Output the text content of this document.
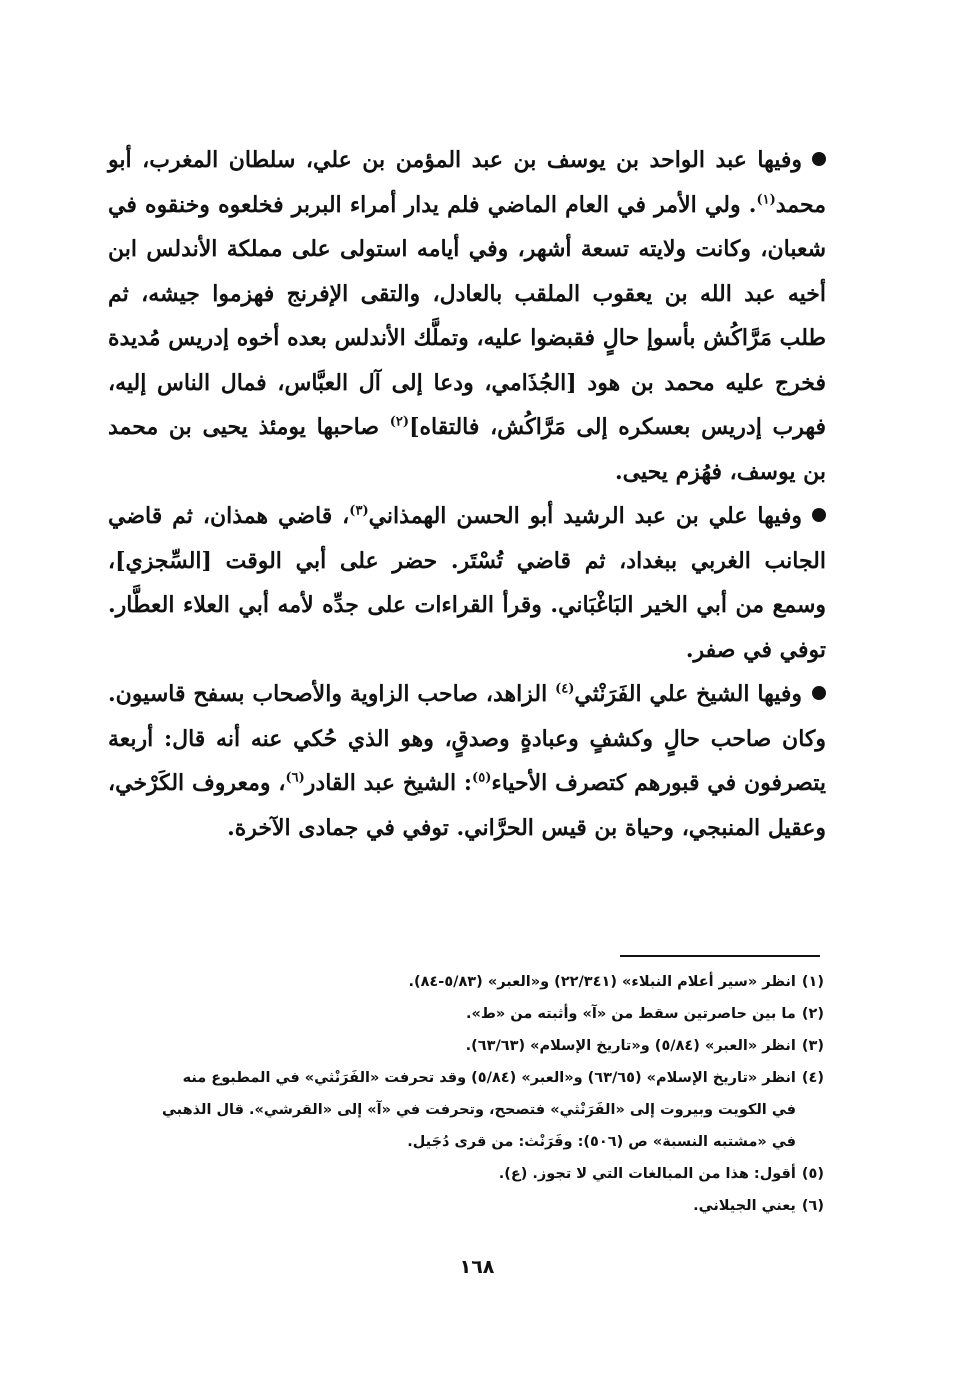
وفيها عبد الواحد بن يوسف بن عبد المؤمن بن علي، سلطان المغرب، أبو محمد$^{(١)}$. ولي الأمر في العام الماضي فلم يدار أمراء البربر فخلعوه وخنقوه في شعبان، وكانت ولايته تسعة أشهر، وفي أيامه استولى على مملكة الأندلس ابن أخيه عبد الله بن يعقوب الملقب بالعادل، والتقى الإفرنج فهزموا جيشه، ثم طلب مَرَّاكُش بأسوإ حالٍ فقبضوا عليه، وتملَّك الأندلس بعده أخوه إدريس مُديدة فخرج عليه محمد بن هود [الجُذَامي، ودعا إلى آل العبَّاس، فمال الناس إليه، فهرب إدريس بعسكره إلى مَرَّاكُش، فالتقاه]$^{(٢)}$ صاحبها يومئذ يحيى بن محمد بن يوسف، فهُزم يحيى.

وفيها علي بن عبد الرشيد أبو الحسن الهمذاني$^{(٣)}$، قاضي همذان، ثم قاضي الجانب الغربي ببغداد، ثم قاضي تُسْتَر. حضر على أبي الوقت [السِّجزي]، وسمع من أبي الخير البَاغْبَاني. وقرأ القراءات على جدِّه لأمه أبي العلاء العطَّار. توفي في صفر.

وفيها الشيخ علي الفَرَنْثي$^{(٤)}$ الزاهد، صاحب الزاوية والأصحاب بسفح قاسيون. وكان صاحب حالٍ وكشفٍ وعبادةٍ وصدقٍ، وهو الذي حُكي عنه أنه قال: أربعة يتصرفون في قبورهم كتصرف الأحياء$^{(٥)}$: الشيخ عبد القادر$^{(٦)}$، ومعروف الكَرْخي، وعقيل المنبجي، وحياة بن قيس الحرَّاني. توفي في جمادى الآخرة.

(١)انظر «سير أعلام النبلاء» (٢٢/٣٤١) و«العبر» (٥/٨٣-٨٤).

(٢)ما بين حاصرتين سقط من «آ» وأثبته من «ط».

(٣)انظر «العبر» (٥/٨٤) و«تاريخ الإسلام» (٦٣/٦٣).

(٤)انظر «تاريخ الإسلام» (٦٣/٦٥) و«العبر» (٥/٨٤) وقد تحرفت «الفَرَنْثي» في المطبوع منه

في الكويت وبيروت إلى «الفَرَنْثي» فتصحح، وتحرفت في «آ» إلى «القرشي». قال الذهبي

في «مشتبه النسبة» ص (٥٠٦): وفَرَنْث: من قرى دُجَيل.

(٥)أقول: هذا من المبالغات التي لا تجوز. (ع).

(٦)يعني الجيلاني.

١٦٨
